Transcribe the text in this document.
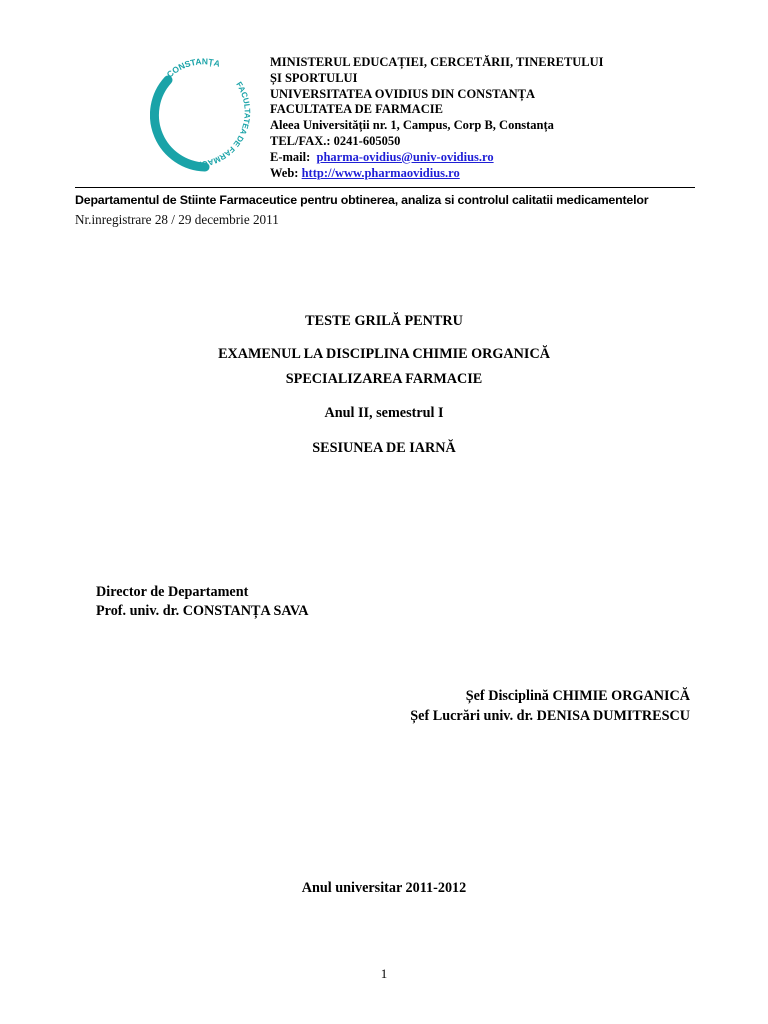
CONSTANȚA
FACULTATEA DE FARMACI
MINISTERUL EDUCAȚIEI, CERCETĂRII, TINERETULUI
ȘI SPORTULUI
UNIVERSITATEA OVIDIUS DIN CONSTANȚA
FACULTATEA DE FARMACIE
Aleea Universității nr. 1, Campus, Corp B, Constanța
TEL/FAX.: 0241-605050
E-mail:  pharma-ovidius@univ-ovidius.ro
Web: http://www.pharmaovidius.ro
Departamentul de Stiinte Farmaceutice pentru obtinerea, analiza si controlul calitatii medicamentelor
Nr.inregistrare 28 / 29 decembrie 2011
TESTE GRILĂ PENTRU
EXAMENUL LA DISCIPLINA CHIMIE ORGANICĂ
SPECIALIZAREA FARMACIE
Anul II, semestrul I
SESIUNEA DE IARNĂ
Director de Departament
Prof. univ. dr. CONSTANȚA SAVA
Șef Disciplină CHIMIE ORGANICĂ
Șef Lucrări univ. dr. DENISA DUMITRESCU
Anul universitar 2011-2012
1
